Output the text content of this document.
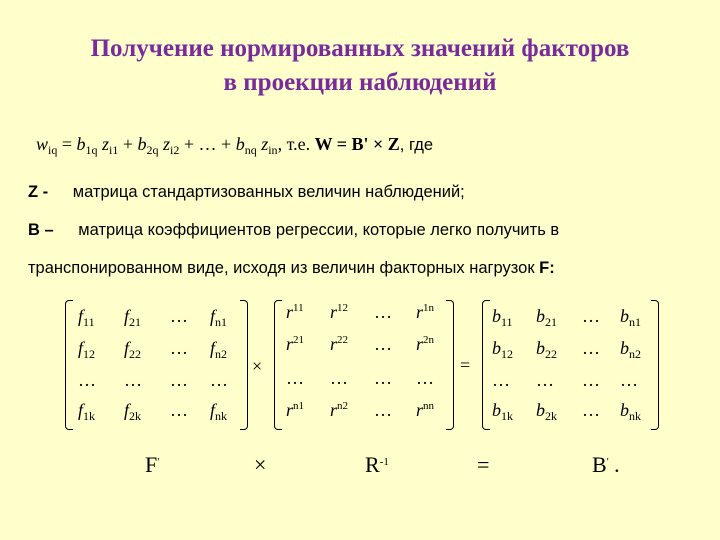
Получение нормированных значений факторов
в проекции наблюдений
$w_{iq} = b_{1q}$ $z_{i1} + b_{2q}$ $z_{i2}$ + … + $b_{nq}$ $z_{in}$, т.е. W = B' × Z, где
Z - матрица стандартизованных величин наблюдений;
B – матрица коэффициентов регрессии, которые легко получить в
транспонированном виде, исходя из величин факторных нагрузок F:
$f_{11}$ $f_{21}$ … $f_{n1}$
$f_{12}$ $f_{22}$ … $f_{n2}$
… … … …
$f_{1k}$ $f_{2k}$ … $f_{nk}$
×
$r^{11}$ $r^{12}$ … $r^{1n}$
$r^{21}$ $r^{22}$ … $r^{2n}$
… … … …
$r^{n1}$ $r^{n2}$ … $r^{nn}$
=
$b_{11}$ $b_{21}$ … $b_{n1}$
$b_{12}$ $b_{22}$ … $b_{n2}$
… … … …
$b_{1k}$ $b_{2k}$ … $b_{nk}$
F'	×	$R^{-1}$	=	B' .
